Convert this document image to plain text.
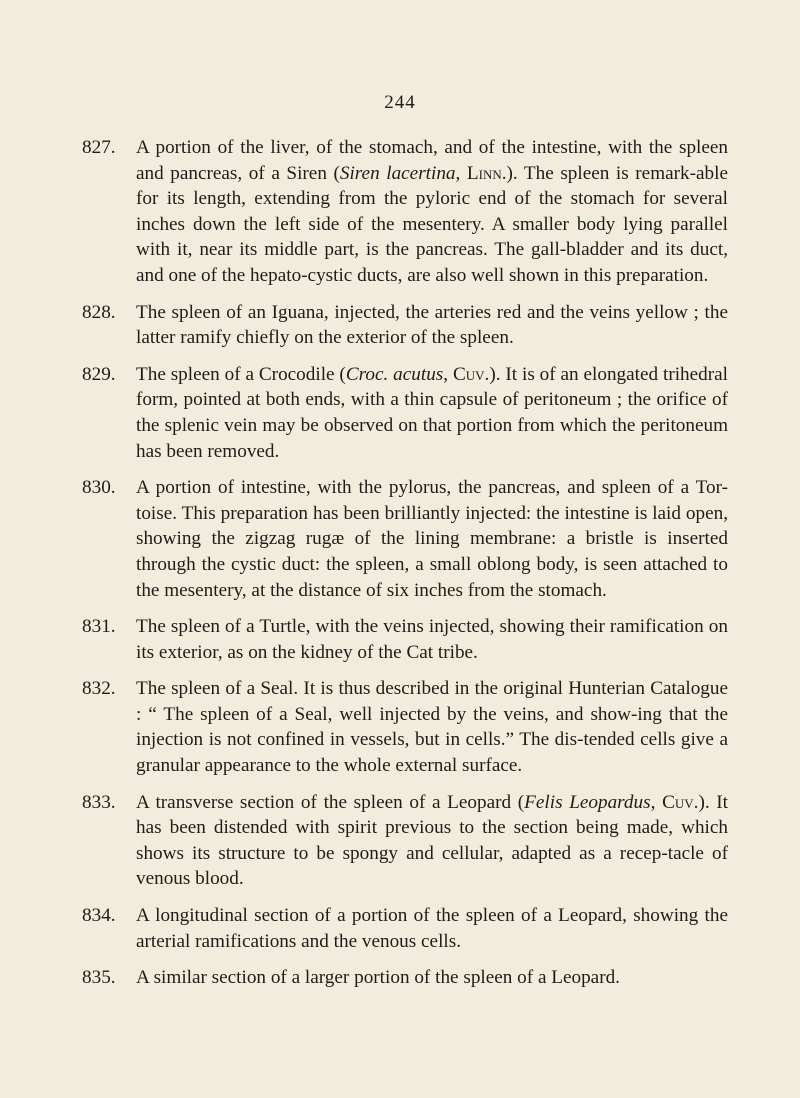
244
827.	A portion of the liver, of the stomach, and of the intestine, with the spleen and pancreas, of a Siren (Siren lacertina, Linn.). The spleen is remark-able for its length, extending from the pyloric end of the stomach for several inches down the left side of the mesentery. A smaller body lying parallel with it, near its middle part, is the pancreas. The gall-bladder and its duct, and one of the hepato-cystic ducts, are also well shown in this preparation.
828.	The spleen of an Iguana, injected, the arteries red and the veins yellow ; the latter ramify chiefly on the exterior of the spleen.
829.	The spleen of a Crocodile (Croc. acutus, Cuv.). It is of an elongated trihedral form, pointed at both ends, with a thin capsule of peritoneum ; the orifice of the splenic vein may be observed on that portion from which the peritoneum has been removed.
830.	A portion of intestine, with the pylorus, the pancreas, and spleen of a Tor-toise. This preparation has been brilliantly injected: the intestine is laid open, showing the zigzag rugæ of the lining membrane: a bristle is inserted through the cystic duct: the spleen, a small oblong body, is seen attached to the mesentery, at the distance of six inches from the stomach.
831.	The spleen of a Turtle, with the veins injected, showing their ramification on its exterior, as on the kidney of the Cat tribe.
832.	The spleen of a Seal. It is thus described in the original Hunterian Catalogue : “ The spleen of a Seal, well injected by the veins, and show-ing that the injection is not confined in vessels, but in cells.” The dis-tended cells give a granular appearance to the whole external surface.
833.	A transverse section of the spleen of a Leopard (Felis Leopardus, Cuv.). It has been distended with spirit previous to the section being made, which shows its structure to be spongy and cellular, adapted as a recep-tacle of venous blood.
834.	A longitudinal section of a portion of the spleen of a Leopard, showing the arterial ramifications and the venous cells.
835.	A similar section of a larger portion of the spleen of a Leopard.
